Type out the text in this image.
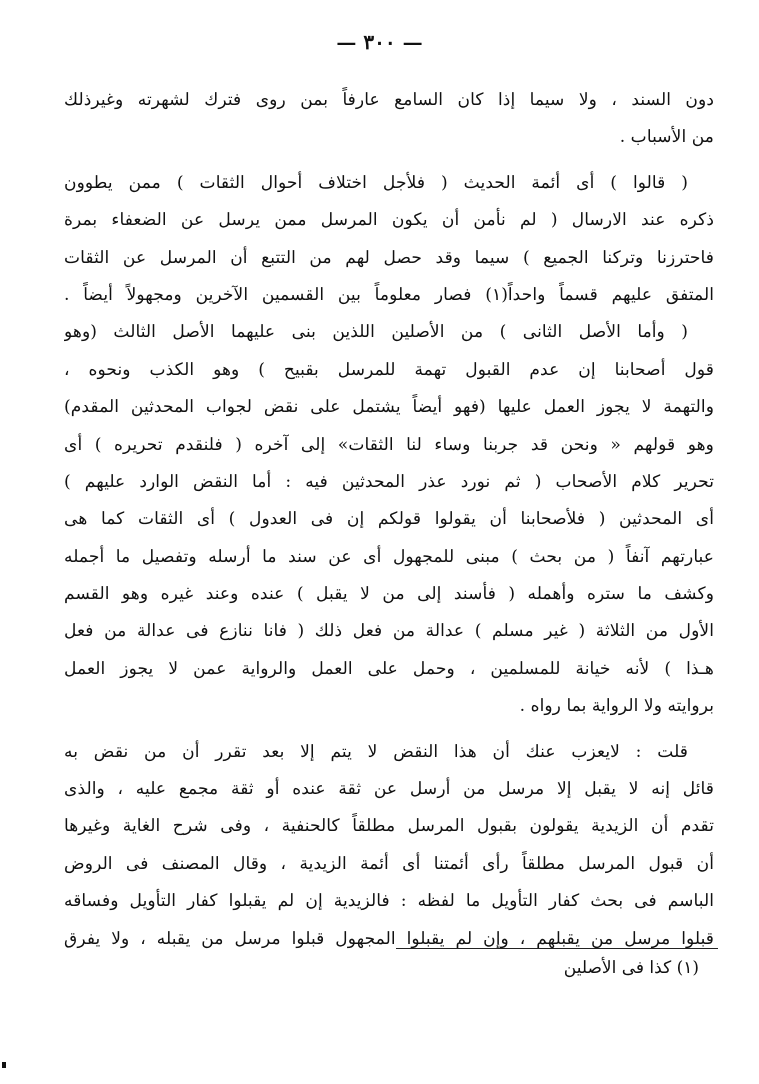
— ٣٠٠ —
دون السند ، ولا سيما إذا كان السامع عارفاً بمن روى فترك لشهرته وغيرذلك
من الأسباب .
( قالوا ) أى أئمة الحديث ( فلأجل اختلاف أحوال الثقات ) ممن يطوون
ذكره عند الارسال ( لم نأمن أن يكون المرسل ممن يرسل عن الضعفاء بمرة
فاحترزنا وتركنا الجميع ) سيما وقد حصل لهم من التتبع أن المرسل عن الثقات
المتفق عليهم قسماً واحداً(١) فصار معلوماً بين القسمين الآخرين ومجهولاً أيضاً .
( وأما الأصل الثانى ) من الأصلين اللذين بنى عليهما الأصل الثالث (وهو
قول أصحابنا إن عدم القبول تهمة للمرسل بقبيح ) وهو الكذب ونحوه ،
والتهمة لا يجوز العمل عليها (فهو أيضاً يشتمل على نقض لجواب المحدثين المقدم)
وهو قولهم « ونحن قد جربنا وساء لنا الثقات» إلى آخره ( فلنقدم تحريره ) أى
تحرير كلام الأصحاب ( ثم نورد عذر المحدثين فيه : أما النقض الوارد عليهم )
أى المحدثين ( فلأصحابنا أن يقولوا قولكم إن فى العدول ) أى الثقات كما هى
عبارتهم آنفاً ( من بحث ) مبنى للمجهول أى عن سند ما أرسله وتفصيل ما أجمله
وكشف ما ستره وأهمله ( فأسند إلى من لا يقبل ) عنده وعند غيره وهو القسم
الأول من الثلاثة ( غير مسلم ) عدالة من فعل ذلك ( فانا ننازع فى عدالة من فعل
هـذا ) لأنه خيانة للمسلمين ، وحمل على العمل والرواية عمن لا يجوز العمل
بروايته ولا الرواية بما رواه .
قلت : لايعزب عنك أن هذا النقض لا يتم إلا بعد تقرر أن من نقض به
قائل إنه لا يقبل إلا مرسل من أرسل عن ثقة عنده أو ثقة مجمع عليه ، والذى
تقدم أن الزيدية يقولون بقبول المرسل مطلقاً كالحنفية ، وفى شرح الغاية وغيرها
أن قبول المرسل مطلقاً رأى أئمتنا أى أئمة الزيدية ، وقال المصنف فى الروض
الباسم فى بحث كفار التأويل ما لفظه : فالزيدية إن لم يقبلوا كفار التأويل وفساقه
قبلوا مرسل من يقبلهم ، وإن لم يقبلوا المجهول قبلوا مرسل من يقبله ، ولا يفرق
(١) كذا فى الأصلين
